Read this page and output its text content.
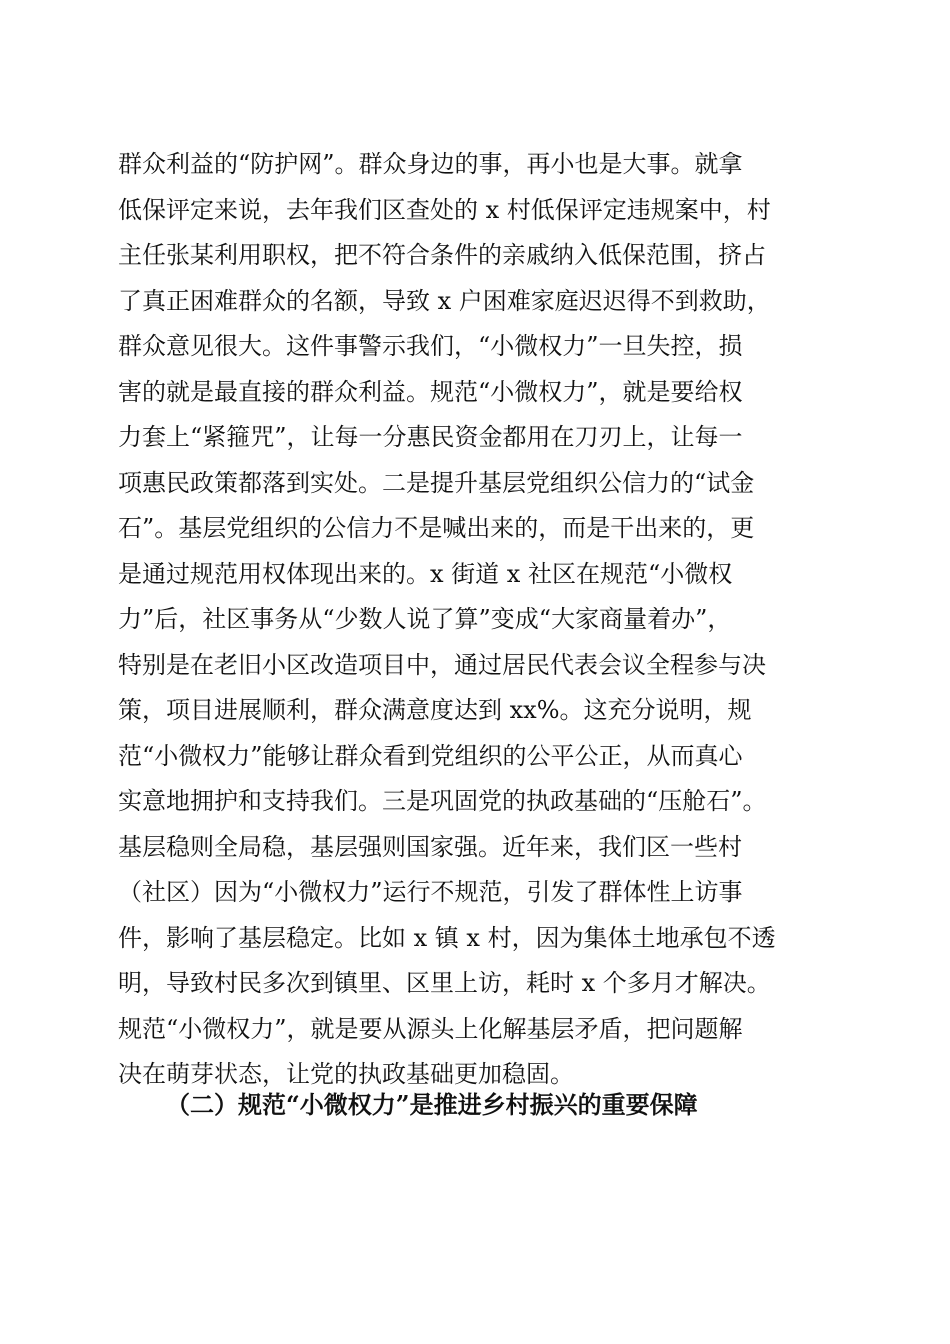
群众利益的“防护网”。群众身边的事，再小也是大事。就拿
低保评定来说，去年我们区查处的 x 村低保评定违规案中，村
主任张某利用职权，把不符合条件的亲戚纳入低保范围，挤占
了真正困难群众的名额，导致 x 户困难家庭迟迟得不到救助，
群众意见很大。这件事警示我们，“小微权力”一旦失控，损
害的就是最直接的群众利益。规范“小微权力”，就是要给权
力套上“紧箍咒”，让每一分惠民资金都用在刀刃上，让每一
项惠民政策都落到实处。二是提升基层党组织公信力的“试金
石”。基层党组织的公信力不是喊出来的，而是干出来的，更
是通过规范用权体现出来的。x 街道 x 社区在规范“小微权
力”后，社区事务从“少数人说了算”变成“大家商量着办”，
特别是在老旧小区改造项目中，通过居民代表会议全程参与决
策，项目进展顺利，群众满意度达到 xx%。这充分说明，规
范“小微权力”能够让群众看到党组织的公平公正，从而真心
实意地拥护和支持我们。三是巩固党的执政基础的“压舱石”。
基层稳则全局稳，基层强则国家强。近年来，我们区一些村
（社区）因为“小微权力”运行不规范，引发了群体性上访事
件，影响了基层稳定。比如 x 镇 x 村，因为集体土地承包不透
明，导致村民多次到镇里、区里上访，耗时 x 个多月才解决。
规范“小微权力”，就是要从源头上化解基层矛盾，把问题解
决在萌芽状态，让党的执政基础更加稳固。
（二）规范“小微权力”是推进乡村振兴的重要保障
